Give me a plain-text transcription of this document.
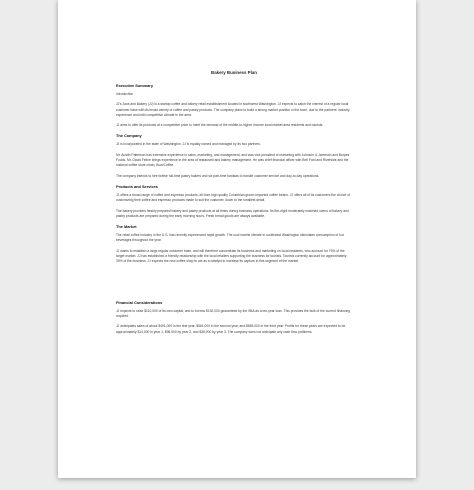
Bakery Business Plan
Executive Summary

Introduction

JJ's Java and Bakery (JJ) is a startup coffee and bakery retail establishment located in southwest Washington. JJ expects to catch the interest of a regular local customer base with its broad variety of coffee and pastry products. The company plans to build a strong market position in the town, due to the partners' industry experience and mild competitive climate in the area.

JJ aims to offer its products at a competitive price to meet the demand of the middle-to-higher income local market area residents and tourists.

The Company

JJ is incorporated in the state of Washington. JJ is equally owned and managed by its two partners.

Mr. Austin Patterson has extensive experience in sales, marketing, and management, and was vice president of marketing with Johnson & Jameson and Burpee Foods. Mr. David Feline brings experience in the area of restaurant and bakery management. He was chief financial officer with Bell Ford and Riverside and the national coffee store chain, BuzzCoffee.

The company intends to hire twelve full-time pastry bakers and six part-time baristas to handle customer service and day-to-day operations.

Products and Services

JJ offers a broad range of coffee and espresso products, all from high quality Columbian grown imported coffee beans. JJ offers all of its customers the choice of customizing their coffee and espresso products made to suit the customer, down to the smallest detail.

The bakery provides freshly prepared bakery and pastry products at all times during business operations. Its fire-eight moderately matched ovens of bakery and pastry products are prepared during the early morning hours. Fresh bread goods are always available.

The Market

The retail coffee industry in the U.S. has recently experienced rapid growth. The cool marine climate in southwest Washington stimulates consumption of hot beverages throughout the year.

JJ wants to establish a large regular customer base, and will therefore concentrate its business and marketing on local residents, who account for 75% of the target market. JJ has established a friendly relationship with the local retailers supporting the business for tourists. Tourists currently account for approximately 30% of the business. JJ expects the new coffee shop to act as a catalyst to increase its capture in this segment of the market.

Financial Considerations

JJ expects to raise $110,000 of its own capital, and to borrow $130,000 guaranteed by the SBA as a ten-year loan. This provides the bulk of the current financing required.

JJ anticipates sales of about $491,000 in the first year, $561,000 in the second year, and $655,000 in the third year. Profits for these years are expected to be approximately $14,000 in year 1, $96,000 by year 2, and $36,000 by year 3. The company does not anticipate any cash flow problems.
